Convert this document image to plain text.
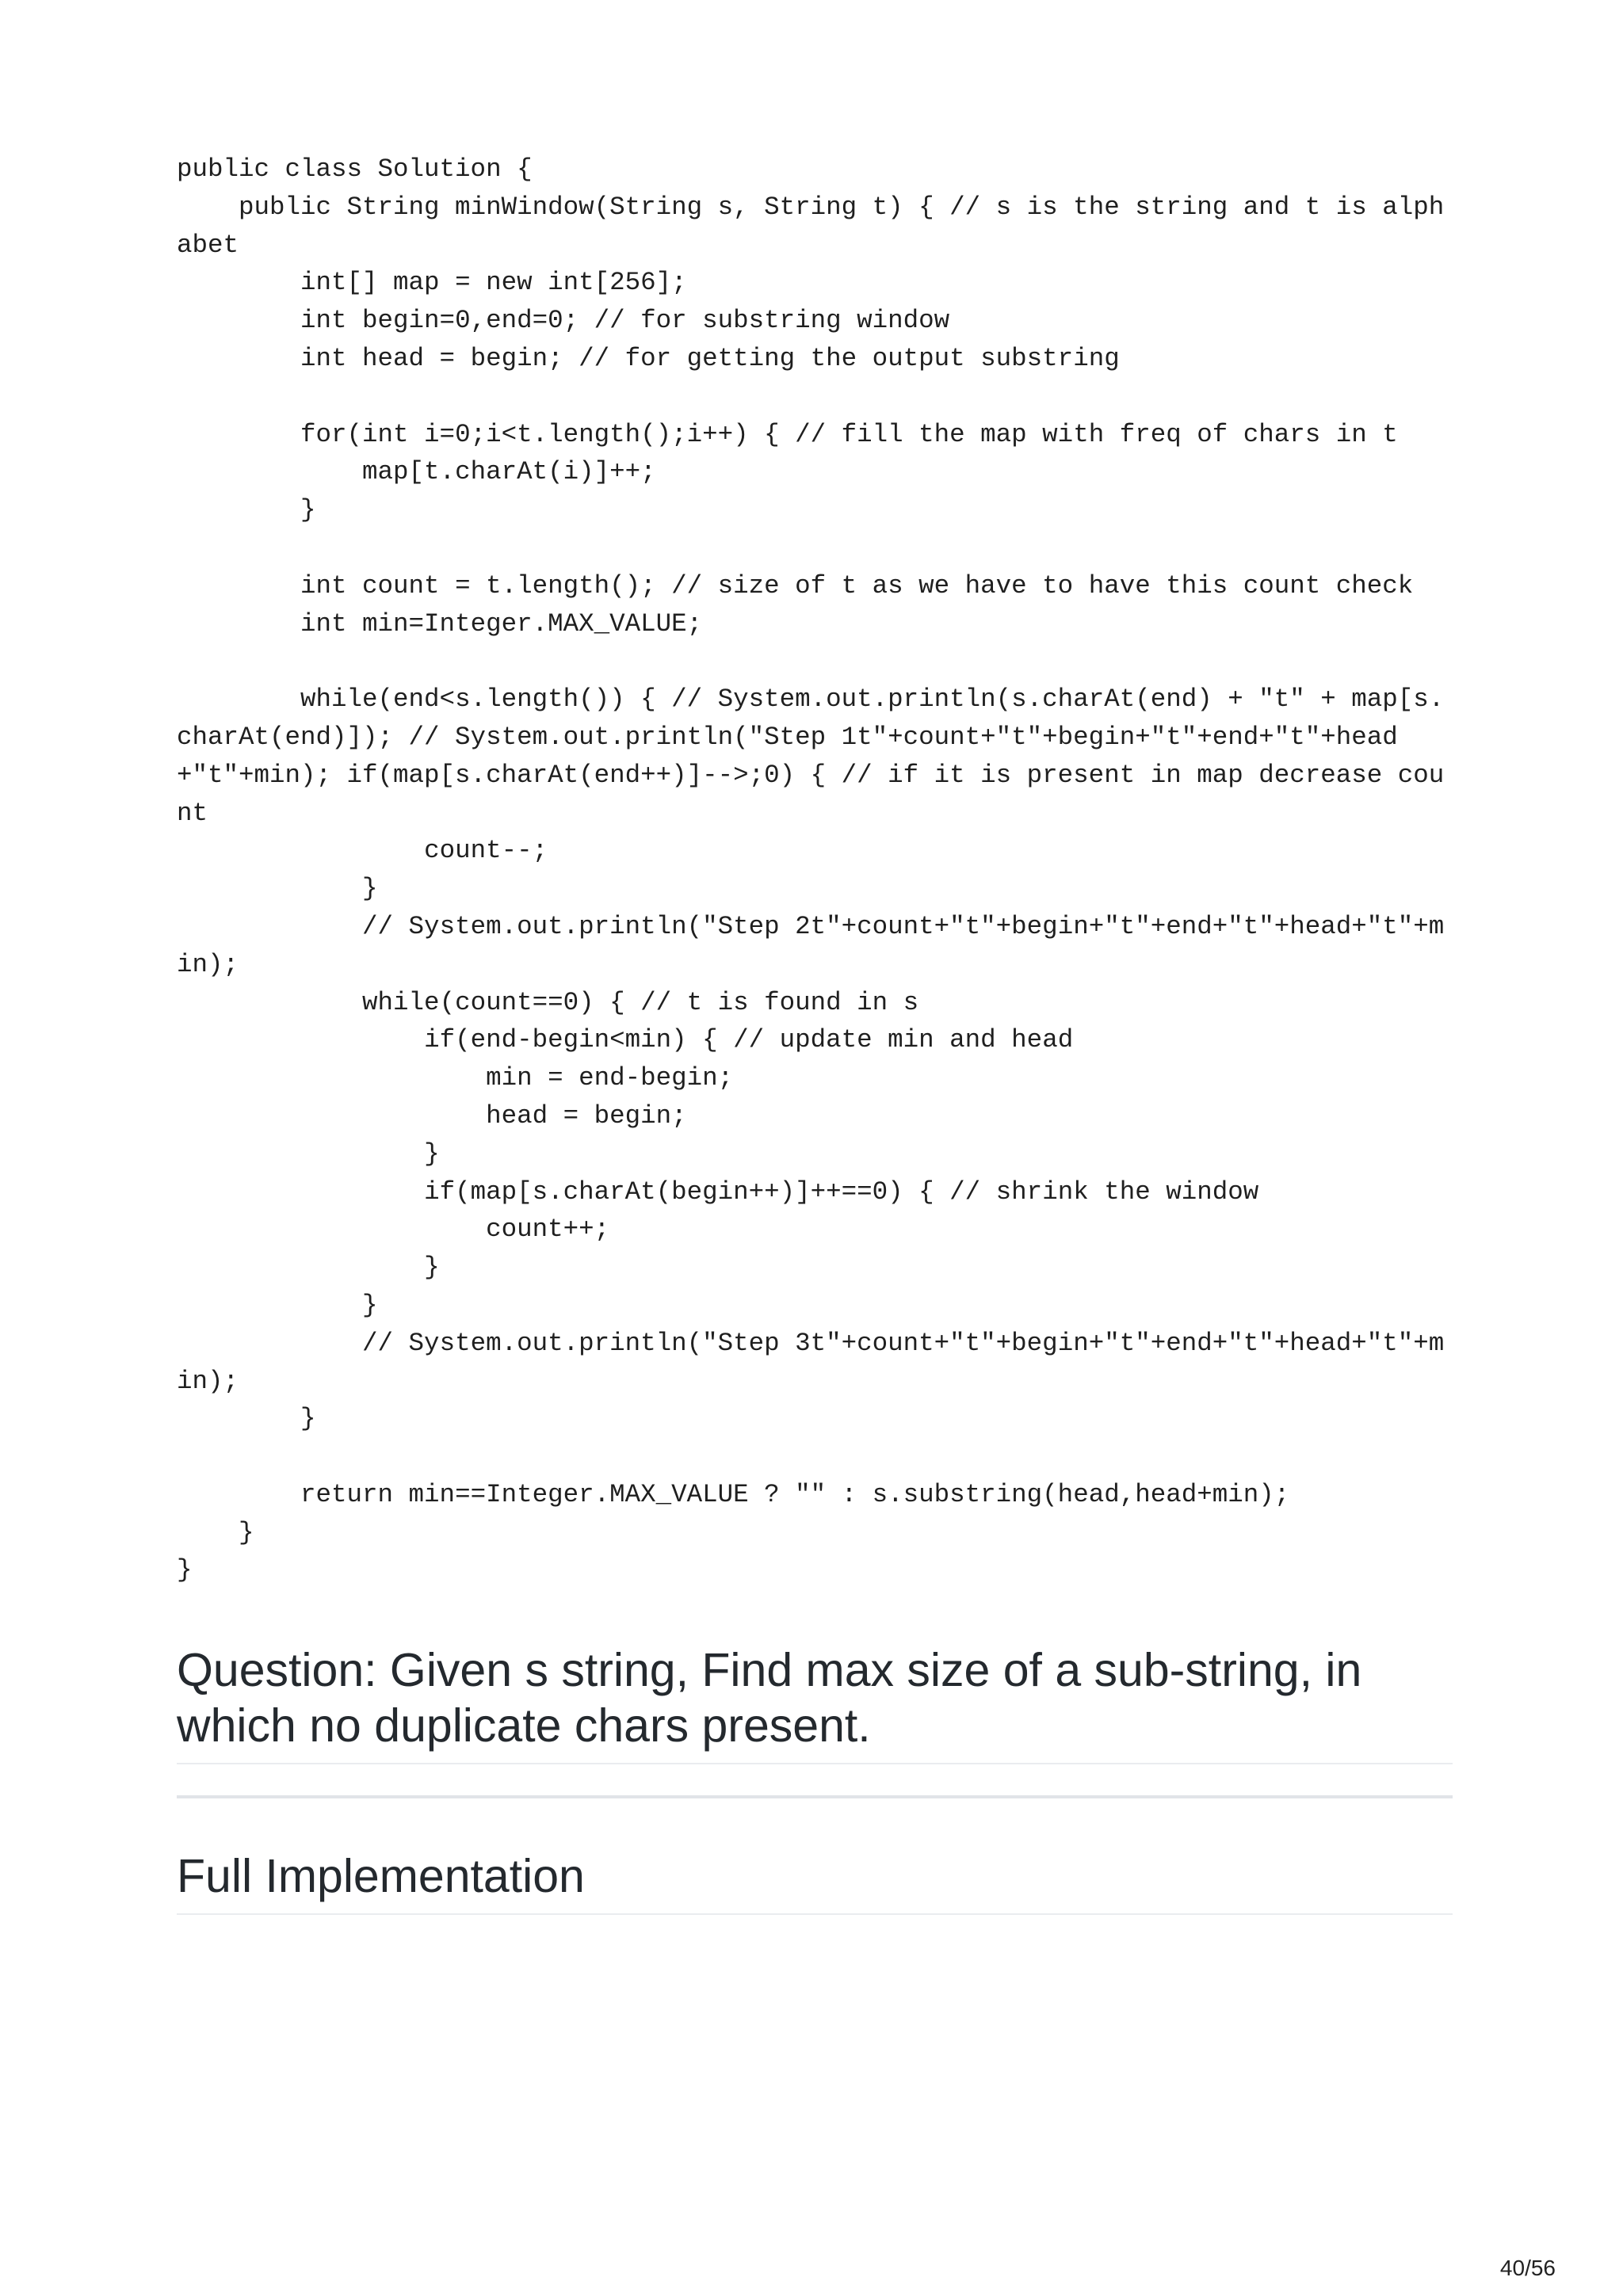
public class Solution {
public String minWindow(String s, String t) { // s is the string and t is alphabet
int[] map = new int[256];
int begin=0,end=0; // for substring window
int head = begin; // for getting the output substring
for(int i=0;i<t.length();i++) { // fill the map with freq of chars in t
map[t.charAt(i)]++;
}
int count = t.length(); // size of t as we have to have this count check
int min=Integer.MAX_VALUE;
while(end<s.length()) { // System.out.println(s.charAt(end) + "t" + map[s.charAt(end)]); // System.out.println("Step 1t"+count+"t"+begin+"t"+end+"t"+head+"t"+min); if(map[s.charAt(end++)]-->;0) { // if it is present in map decrease count
count--;
}
// System.out.println("Step 2t"+count+"t"+begin+"t"+end+"t"+head+"t"+min);
while(count==0) { // t is found in s
if(end-begin<min) { // update min and head
min = end-begin;
head = begin;
}
if(map[s.charAt(begin++)]++==0) { // shrink the window
count++;
}
}
// System.out.println("Step 3t"+count+"t"+begin+"t"+end+"t"+head+"t"+min);
}
return min==Integer.MAX_VALUE ? "" : s.substring(head,head+min);
}
}
Question: Given s string, Find max size of a sub-string, in which no duplicate chars present.
Full Implementation
40/56
